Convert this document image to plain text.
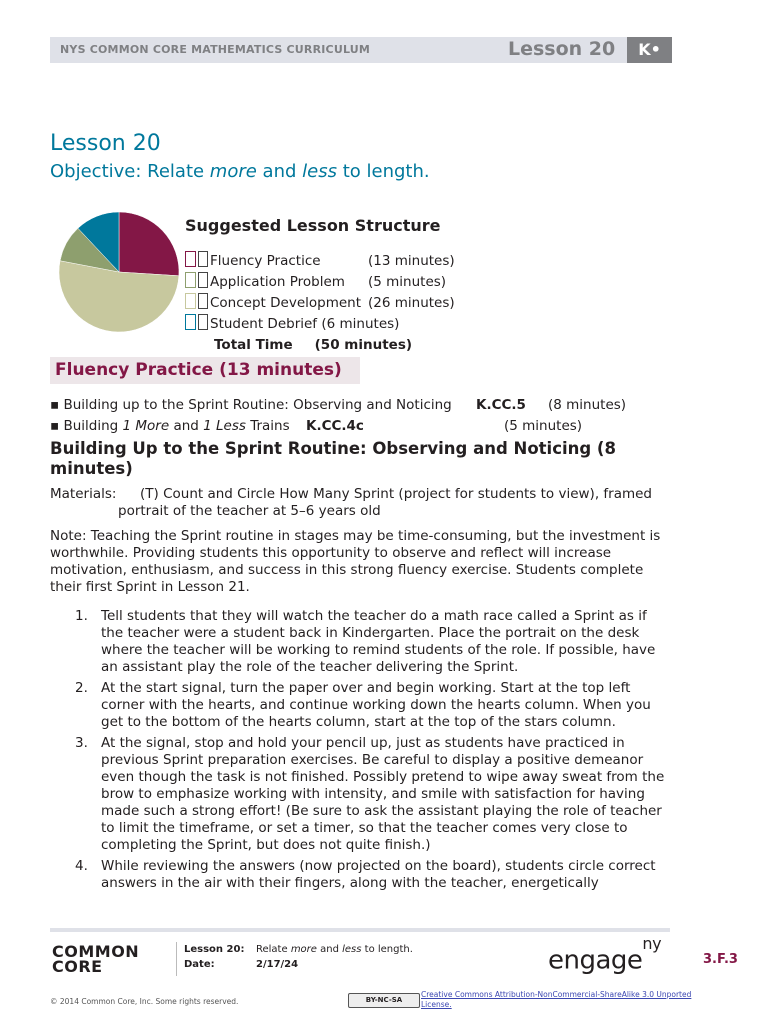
NYS COMMON CORE MATHEMATICS CURRICULUM	Lesson 20	K•
Lesson 20
Objective: Relate more and less to length.
Suggested Lesson Structure
Fluency Practice	(13 minutes)
Application Problem (5 minutes)
Concept Development (26 minutes)
Student Debrief (6 minutes)
Total Time (50 minutes)
Fluency Practice (13 minutes)
▪ Building up to the Sprint Routine: Observing and Noticing K.CC.5 (8 minutes)
▪ Building 1 More and 1 Less Trains K.CC.4c	(5 minutes)
Building Up to the Sprint Routine: Observing and Noticing (8 minutes)
Materials: (T) Count and Circle How Many Sprint (project for students to view), framed
portrait of the teacher at 5–6 years old
Note: Teaching the Sprint routine in stages may be time-consuming, but the investment is worthwhile. Providing students this opportunity to observe and reflect will increase motivation, enthusiasm, and success in this strong fluency exercise. Students complete their first Sprint in Lesson 21.
1. Tell students that they will watch the teacher do a math race called a Sprint as if the teacher were a student back in Kindergarten. Place the portrait on the desk where the teacher will be working to remind students of the role. If possible, have an assistant play the role of the teacher delivering the Sprint.
2. At the start signal, turn the paper over and begin working. Start at the top left corner with the hearts, and continue working down the hearts column. When you get to the bottom of the hearts column, start at the top of the stars column.
3. At the signal, stop and hold your pencil up, just as students have practiced in previous Sprint preparation exercises. Be careful to display a positive demeanor even though the task is not finished. Possibly pretend to wipe away sweat from the brow to emphasize working with intensity, and smile with satisfaction for having made such a strong effort! (Be sure to ask the assistant playing the role of teacher to limit the timeframe, or set a timer, so that the teacher comes very close to completing the Sprint, but does not quite finish.)
4. While reviewing the answers (now projected on the board), students circle correct answers in the air with their fingers, along with the teacher, energetically
COMMON
CORE
Lesson 20: Relate more and less to length.
Date:	2/17/24	engage$^{ny}$
3.F.3
© 2014 Common Core, Inc. Some rights reserved.	BY-NC-SA
Creative Commons Attribution-NonCommercial-ShareAlike 3.0 Unported License.
